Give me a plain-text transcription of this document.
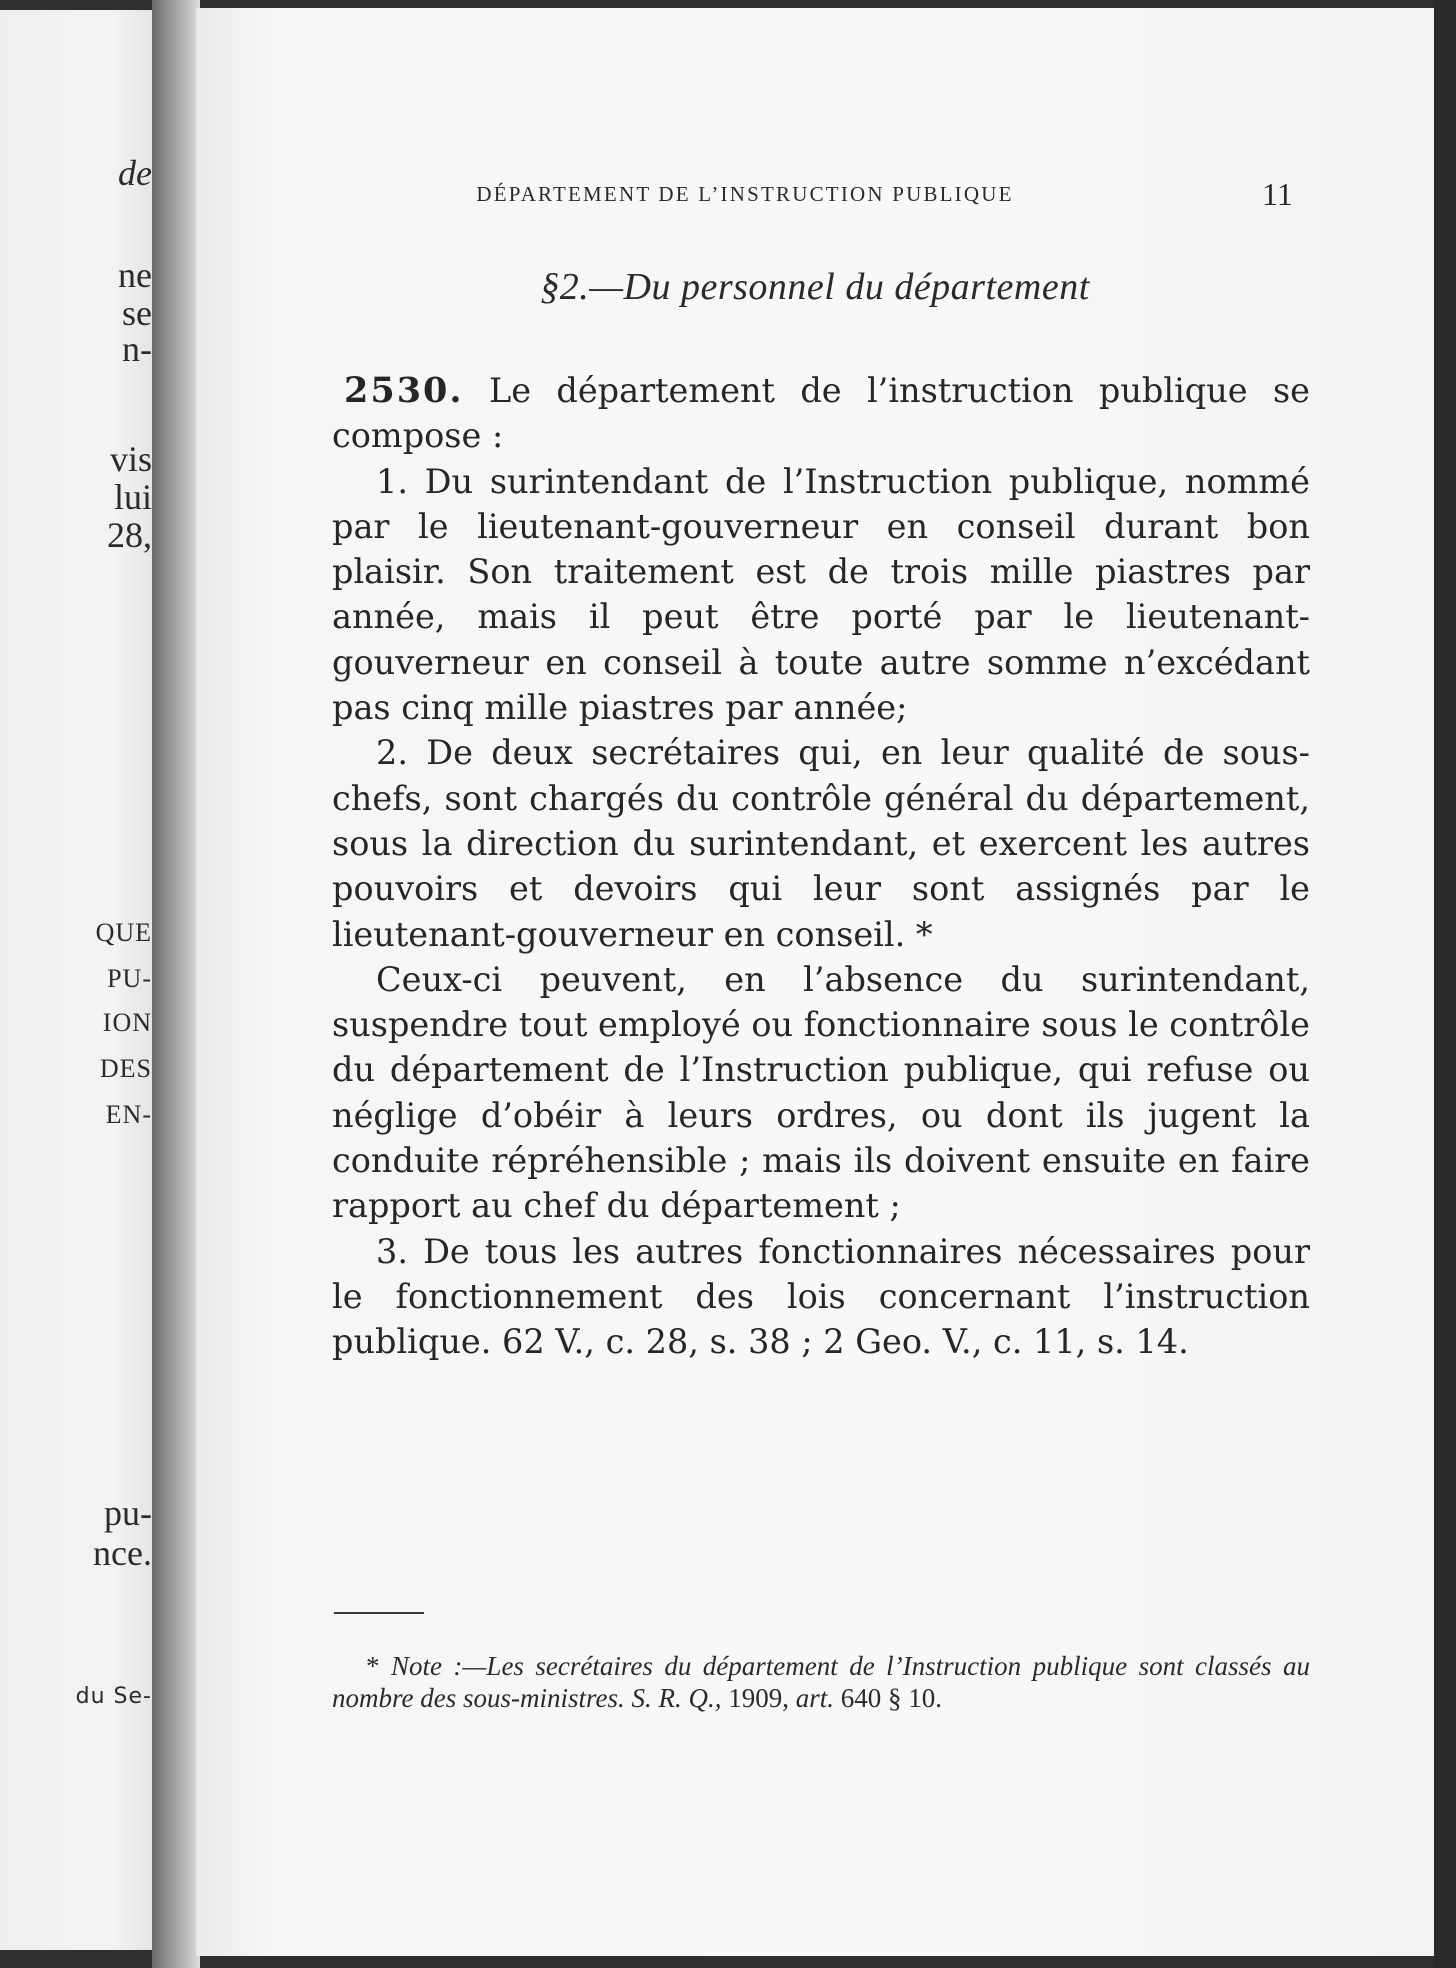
de
ne
se
n-
vis
lui
28,
QUE
PU-
ION
DES
EN-
pu-
nce.
du Se-
DÉPARTEMENT DE L’INSTRUCTION PUBLIQUE	11
§2.—Du personnel du département

2530. Le département de l’instruction publique se compose :

1. Du surintendant de l’Instruction publique, nommé par le lieutenant-gouverneur en conseil durant bon plaisir. Son traitement est de trois mille piastres par année, mais il peut être porté par le lieutenant-gouverneur en conseil à toute autre somme n’excédant pas cinq mille piastres par année;

2. De deux secrétaires qui, en leur qualité de sous-chefs, sont chargés du contrôle général du département, sous la direction du surintendant, et exercent les autres pouvoirs et devoirs qui leur sont assignés par le lieutenant-gouverneur en conseil. *

Ceux-ci peuvent, en l’absence du surintendant, suspendre tout employé ou fonctionnaire sous le contrôle du département de l’Instruction publique, qui refuse ou néglige d’obéir à leurs ordres, ou dont ils jugent la conduite répréhensible ; mais ils doivent ensuite en faire rapport au chef du département ;

3. De tous les autres fonctionnaires nécessaires pour le fonctionnement des lois concernant l’instruction publique. 62 V., c. 28, s. 38 ; 2 Geo. V., c. 11, s. 14.

* Note :—Les secrétaires du département de l’Instruction publique sont classés au nombre des sous-ministres. S. R. Q., 1909, art. 640 § 10.
